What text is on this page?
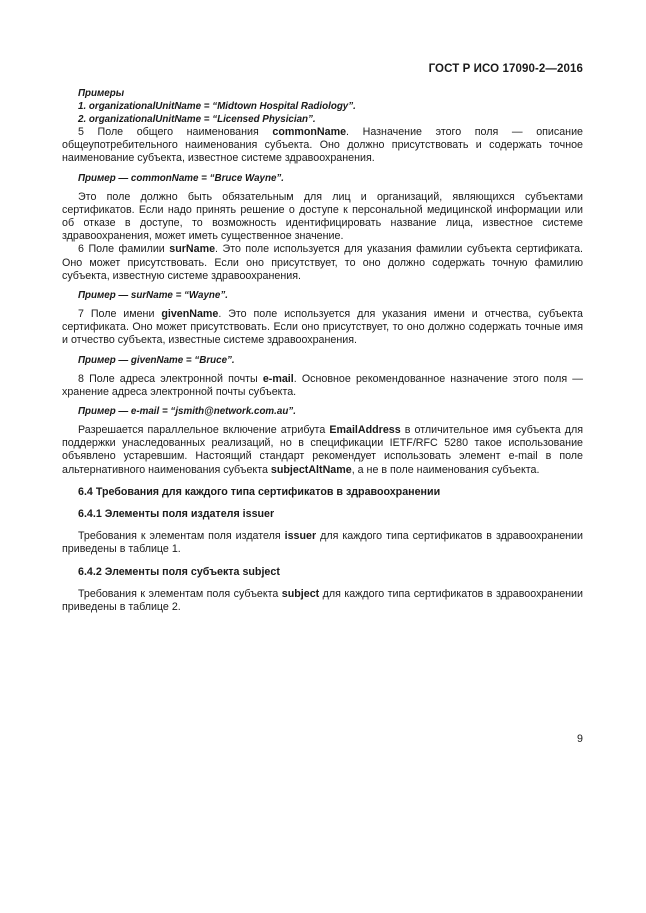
ГОСТ Р ИСО 17090-2—2016
Примеры
1. organizationalUnitName = “Midtown Hospital Radiology”.
2. organizationalUnitName = “Licensed Physician”.

5 Поле общего наименования commonName. Назначение этого поля — описание общеупотребительного наименования субъекта. Оно должно присутствовать и содержать точное наименование субъекта, известное системе здравоохранения.

Пример — commonName = “Bruce Wayne”.

Это поле должно быть обязательным для лиц и организаций, являющихся субъектами сертификатов. Если надо принять решение о доступе к персональной медицинской информации или об отказе в доступе, то возможность идентифицировать название лица, известное системе здравоохранения, может иметь существенное значение.

6 Поле фамилии surName. Это поле используется для указания фамилии субъекта сертификата. Оно может присутствовать. Если оно присутствует, то оно должно содержать точную фамилию субъекта, известную системе здравоохранения.

Пример — surName = “Wayne”.

7 Поле имени givenName. Это поле используется для указания имени и отчества, субъекта сертификата. Оно может присутствовать. Если оно присутствует, то оно должно содержать точные имя и отчество субъекта, известные системе здравоохранения.

Пример — givenName = “Bruce”.

8 Поле адреса электронной почты e-mail. Основное рекомендованное назначение этого поля — хранение адреса электронной почты субъекта.

Пример — e-mail = “jsmith@network.com.au”.

Разрешается параллельное включение атрибута EmailAddress в отличительное имя субъекта для поддержки унаследованных реализаций, но в спецификации IETF/RFC 5280 такое использование объявлено устаревшим. Настоящий стандарт рекомендует использовать элемент e-mail в поле альтернативного наименования субъекта subjectAltName, а не в поле наименования субъекта.

6.4 Требования для каждого типа сертификатов в здравоохранении

6.4.1 Элементы поля издателя issuer

Требования к элементам поля издателя issuer для каждого типа сертификатов в здравоохранении приведены в таблице 1.

6.4.2 Элементы поля субъекта subject

Требования к элементам поля субъекта subject для каждого типа сертификатов в здравоохранении приведены в таблице 2.

9
